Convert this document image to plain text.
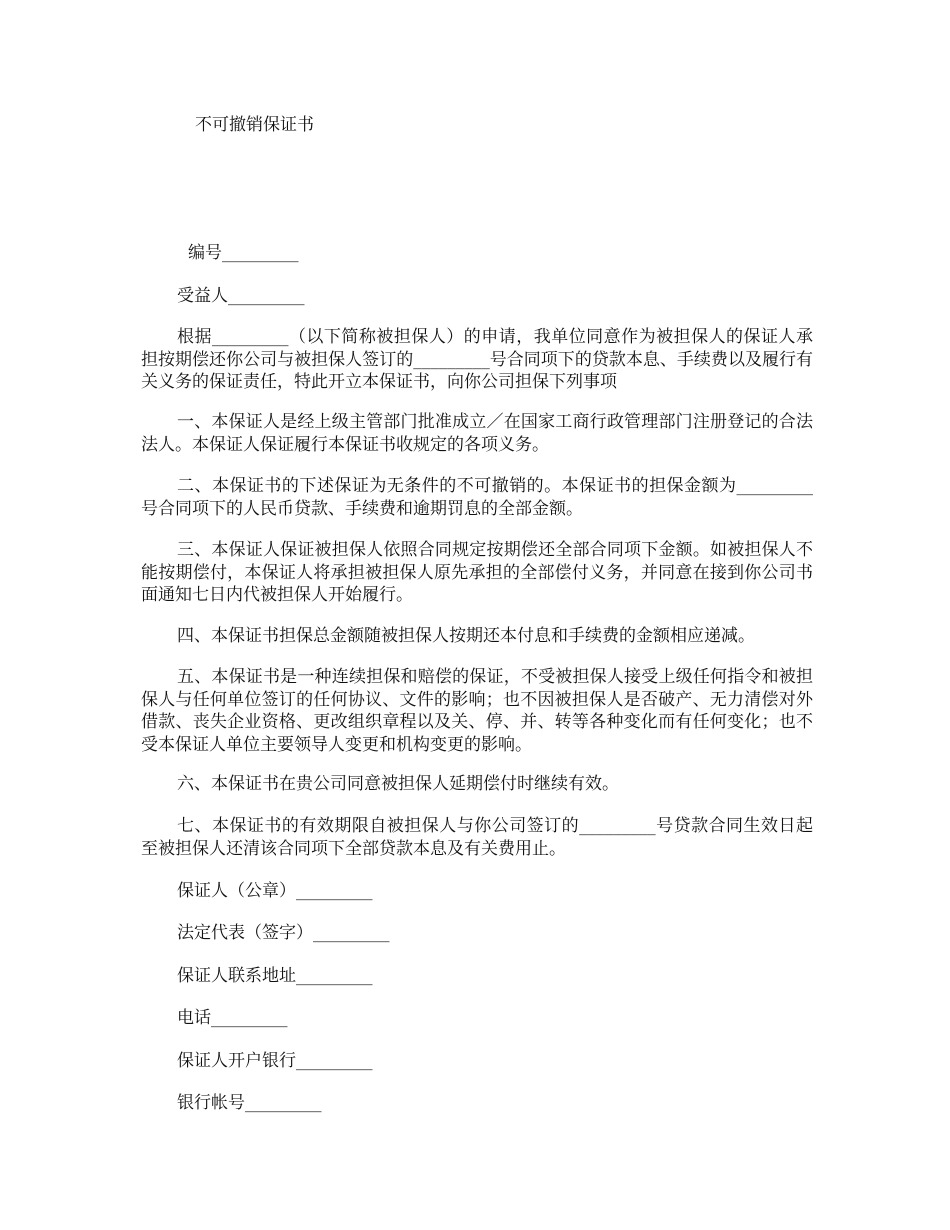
不可撤销保证书
编号_________
受益人_________

根据_________（以下简称被担保人）的申请，我单位同意作为被担保人的保证人承担按期偿还你公司与被担保人签订的_________号合同项下的贷款本息、手续费以及履行有关义务的保证责任，特此开立本保证书，向你公司担保下列事项

一、本保证人是经上级主管部门批准成立／在国家工商行政管理部门注册登记的合法法人。本保证人保证履行本保证书收规定的各项义务。

二、本保证书的下述保证为无条件的不可撤销的。本保证书的担保金额为_________号合同项下的人民币贷款、手续费和逾期罚息的全部金额。

三、本保证人保证被担保人依照合同规定按期偿还全部合同项下金额。如被担保人不能按期偿付，本保证人将承担被担保人原先承担的全部偿付义务，并同意在接到你公司书面通知七日内代被担保人开始履行。

四、本保证书担保总金额随被担保人按期还本付息和手续费的金额相应递减。

五、本保证书是一种连续担保和赔偿的保证，不受被担保人接受上级任何指令和被担保人与任何单位签订的任何协议、文件的影响；也不因被担保人是否破产、无力清偿对外借款、丧失企业资格、更改组织章程以及关、停、并、转等各种变化而有任何变化；也不受本保证人单位主要领导人变更和机构变更的影响。

六、本保证书在贵公司同意被担保人延期偿付时继续有效。

七、本保证书的有效期限自被担保人与你公司签订的_________号贷款合同生效日起至被担保人还清该合同项下全部贷款本息及有关费用止。

保证人（公章）_________
法定代表（签字）_________
保证人联系地址_________
电话_________
保证人开户银行_________
银行帐号_________
